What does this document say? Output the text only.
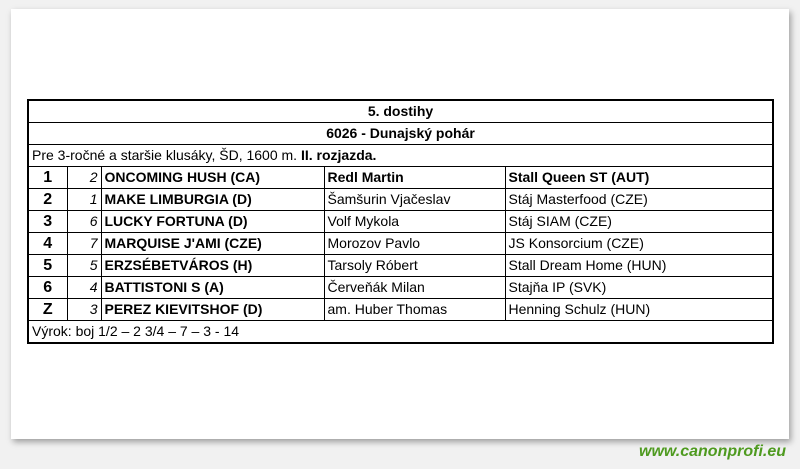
5. dostihy				
6026 - Dunajský pohár				
Pre 3-ročné a staršie klusáky, ŠD, 1600 m. II. rozjazda.				
1	2	ONCOMING HUSH (CA)	Redl Martin	Stall Queen ST (AUT)
2	1	MAKE LIMBURGIA (D)	Šamšurin Vjačeslav	Stáj Masterfood (CZE)
3	6	LUCKY FORTUNA (D)	Volf Mykola	Stáj SIAM (CZE)
4	7	MARQUISE J'AMI (CZE)	Morozov Pavlo	JS Konsorcium (CZE)
5	5	ERZSÉBETVÁROS (H)	Tarsoly Róbert	Stall Dream Home (HUN)
6	4	BATTISTONI S (A)	Červeňák Milan	Stajňa IP (SVK)
Z	3	PEREZ KIEVITSHOF (D)	am. Huber Thomas	Henning Schulz (HUN)
Výrok: boj 1/2 – 2 3/4 – 7 – 3 - 14				
www.canonprofi.eu
